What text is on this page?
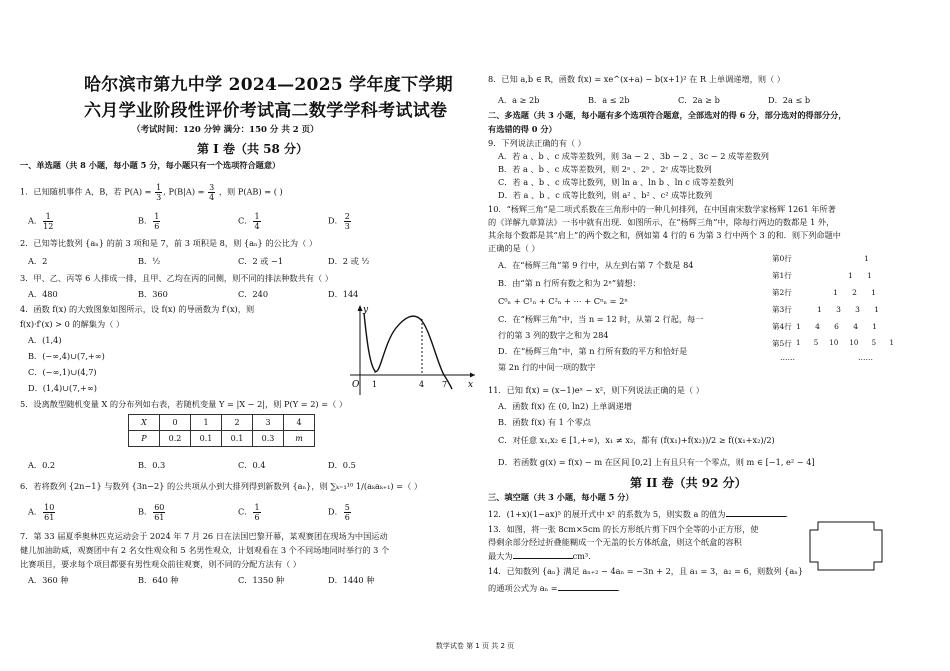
哈尔滨市第九中学 2024—2025 学年度下学期
六月学业阶段性评价考试高二数学学科考试试卷
（考试时间：120 分钟 满分：150 分 共 2 页）
第 I 卷（共 58 分）
一、单选题（共 8 小题，每小题 5 分，每小题只有一个选项符合题意）
1．已知随机事件 A，B，若 $P(A) = \frac{1}{3}$ , $P(B|A) = \frac{3}{4}$ ，则 P(AB) = ( )
A． $\frac{1}{12}$	B． $\frac{1}{6}$	C． $\frac{1}{4}$	D． $\frac{2}{3}$
2．已知等比数列 {aₙ} 的前 3 项和是 7，前 3 项积是 8，则 {aₙ} 的公比为（ ）
A．2	B．½	C．2 或 −1	D．2 或 ½
3．甲、乙、丙等 6 人排成一排，且甲、乙均在丙的同侧，则不同的排法种数共有（ ）
A．480	B．360	C．240	D．144
4．函数 f(x) 的大致图象如图所示，设 f(x) 的导函数为 f′(x)，则
f(x)·f′(x) > 0 的解集为（ ）
A．(1,4)
B．(−∞,4)∪(7,+∞)
C．(−∞,1)∪(4,7)
D．(1,4)∪(7,+∞)
y
O 1	4 7 x
5．设离散型随机变量 X 的分布列如右表，若随机变量 Y = |X − 2|，则 P(Y = 2) =（ ）
X	0	1	2	3	4
P	0.2	0.1	0.1	0.3	m
A．0.2	B．0.3	C．0.4	D．0.5
6．若将数列 {2n−1} 与数列 {3n−2} 的公共项从小到大排列得到新数列 {aₙ}，则 ∑ₖ₌₁¹⁰ 1/(aₖaₖ₊₁) =（ ）
A． $\frac{10}{61}$	B． $\frac{60}{61}$	C． $\frac{1}{6}$	D． $\frac{5}{6}$
7．第 33 届夏季奥林匹克运动会于 2024 年 7 月 26 日在法国巴黎开幕，某观赛团在现场为中国运动
健儿加油助威，观赛团中有 2 名女性观众和 5 名男性观众，计划观看在 3 个不同场地同时举行的 3 个
比赛项目，要求每个项目都要有男性观众前往观赛，则不同的分配方法有（ ）
A．360 种	B．640 种	C．1350 种	D．1440 种
8．已知 a,b ∈ R，函数 f(x) = xe^(x+a) − b(x+1)² 在 R 上单调递增，则（ ）
A．a ≥ 2b	B．a ≤ 2b	C．2a ≥ b	D．2a ≤ b
二、多选题（共 3 小题，每小题有多个选项符合题意，全部选对的得 6 分，部分选对的得部分分，
有选错的得 0 分）
9．下列说法正确的有（ ）
A．若 a 、b 、c 成等差数列，则 3a − 2 、3b − 2 、3c − 2 成等差数列
B．若 a 、b 、c 成等差数列，则 2ᵃ 、2ᵇ 、2ᶜ 成等比数列
C．若 a 、b 、c 成等比数列，则 ln a 、ln b 、ln c 成等差数列
D．若 a 、b 、c 成等比数列，则 a² 、b² 、c² 成等比数列
10．“杨辉三角”是二项式系数在三角形中的一种几何排列，在中国南宋数学家杨辉 1261 年所著
的《详解九章算法》一书中就有出现．如图所示，在“杨辉三角”中，除每行两边的数都是 1 外，
其余每个数都是其“肩上”的两个数之和，例如第 4 行的 6 为第 3 行中两个 3 的和．则下列命题中
正确的是（ ）
A．在“杨辉三角”第 9 行中，从左到右第 7 个数是 84
B．由“第 n 行所有数之和为 2ⁿ”猜想：
C⁰ₙ + C¹ₙ + C²ₙ + ⋯ + Cⁿₙ = 2ⁿ
C．在“杨辉三角”中，当 n = 12 时，从第 2 行起，每一
行的第 3 列的数字之和为 284
D．在“杨辉三角”中，第 n 行所有数的平方和恰好是
第 2n 行的中间一项的数字
第0行	1
第1行	1      1
第2行	1      2      1
第3行	1      3      3      1
第4行 1      4      6      4      1
第5行 1      5     10     10      5      1
……	……
11．已知 f(x) = (x−1)eˣ − x²，则下列说法正确的是（ ）
A．函数 f(x) 在 (0, ln2) 上单调递增
B．函数 f(x) 有 1 个零点
C．对任意 x₁,x₂ ∈ [1,+∞)，x₁ ≠ x₂，都有 (f(x₁)+f(x₂))/2 ≥ f((x₁+x₂)/2)
D．若函数 g(x) = f(x) − m 在区间 [0,2] 上有且只有一个零点，则 m ∈ [−1, e² − 4]
第 II 卷（共 92 分）
三、填空题（共 3 小题，每小题 5 分）
12．(1+x)(1−ax)⁵ 的展开式中 x² 的系数为 5，则实数 a 的值为	．
13．如图，将一张 8cm×5cm 的长方形纸片剪下四个全等的小正方形，使
得剩余部分经过折叠能糊成一个无盖的长方体纸盒，则这个纸盒的容积
最大为	cm³．
14．已知数列 {aₙ} 满足 aₙ₊₂ − 4aₙ = −3n + 2，且 a₁ = 3，a₂ = 6，则数列 {aₙ}
的通项公式为 aₙ =	．
数学试卷 第 1 页 共 2 页
